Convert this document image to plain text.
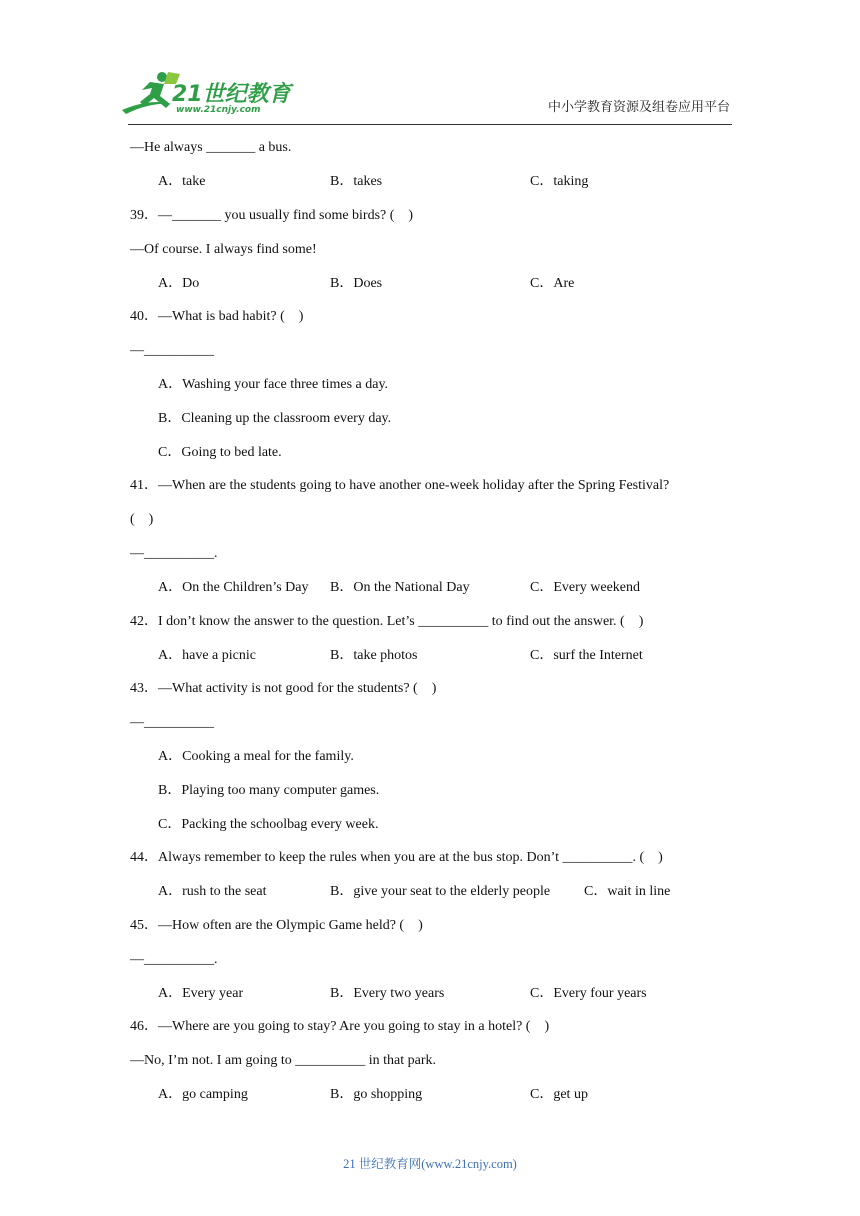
21世纪教育
www.21cnjy.com	中小学教育资源及组卷应用平台
—He always _______ a bus.
A．take	B．takes	C．taking
39．—_______ you usually find some birds? (　)
—Of course. I always find some!
A．Do	B．Does	C．Are
40．—What is bad habit? (　)
—__________
A．Washing your face three times a day.
B．Cleaning up the classroom every day.
C．Going to bed late.
41．—When are the students going to have another one-week holiday after the Spring Festival?
(　)
—__________.
A．On the Children’s Day B．On the National Day	C．Every weekend
42．I don’t know the answer to the question. Let’s __________ to find out the answer. (　)
A．have a picnic	B．take photos	C．surf the Internet
43．—What activity is not good for the students? (　)
—__________
A．Cooking a meal for the family.
B．Playing too many computer games.
C．Packing the schoolbag every week.
44．Always remember to keep the rules when you are at the bus stop. Don’t __________. (　)
A．rush to the seat	B．give your seat to the elderly people C．wait in line
45．—How often are the Olympic Game held? (　)
—__________.
A．Every year	B．Every two years	C．Every four years
46．—Where are you going to stay? Are you going to stay in a hotel? (　)
—No, I’m not. I am going to __________ in that park.
A．go camping	B．go shopping	C．get up
21 世纪教育网(www.21cnjy.com)
